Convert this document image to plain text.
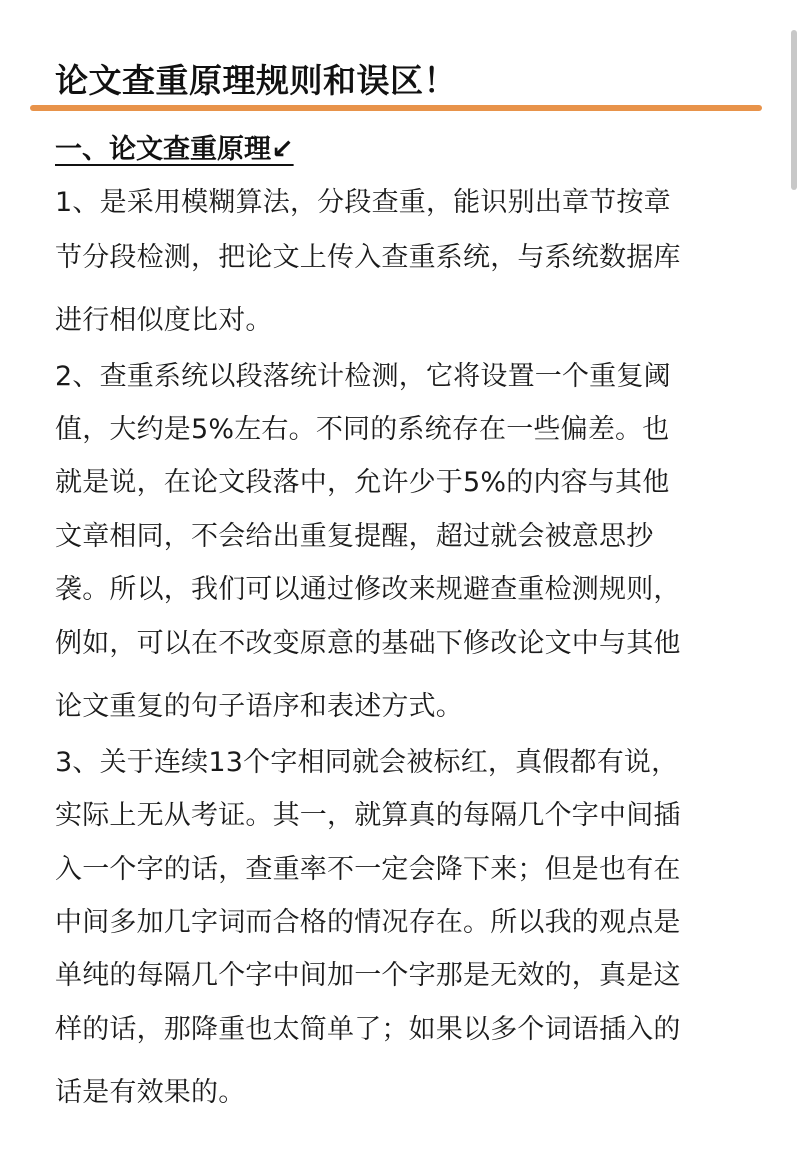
论文查重原理规则和误区！
一、论文查重原理↙
1、是采用模糊算法，分段查重，能识别出章节按章
节分段检测，把论文上传入查重系统，与系统数据库
进行相似度比对。
2、查重系统以段落统计检测，它将设置一个重复阈
值，大约是5%左右。不同的系统存在一些偏差。也
就是说，在论文段落中，允许少于5%的内容与其他
文章相同，不会给出重复提醒，超过就会被意思抄
袭。所以，我们可以通过修改来规避查重检测规则，
例如，可以在不改变原意的基础下修改论文中与其他
论文重复的句子语序和表述方式。
3、关于连续13个字相同就会被标红，真假都有说，
实际上无从考证。其一，就算真的每隔几个字中间插
入一个字的话，查重率不一定会降下来；但是也有在
中间多加几字词而合格的情况存在。所以我的观点是
单纯的每隔几个字中间加一个字那是无效的，真是这
样的话，那降重也太简单了；如果以多个词语插入的
话是有效果的。
